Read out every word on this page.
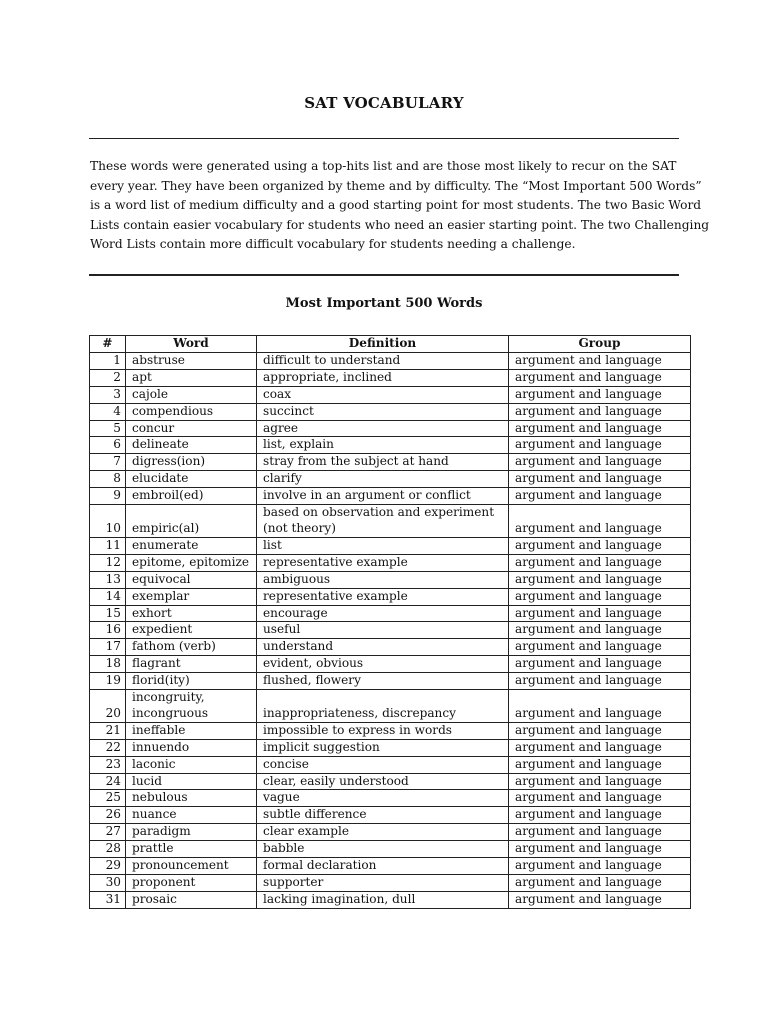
SAT VOCABULARY
These words were generated using a top-hits list and are those most likely to recur on the SAT
every year. They have been organized by theme and by difficulty. The “Most Important 500 Words”
is a word list of medium difficulty and a good starting point for most students. The two Basic Word
Lists contain easier vocabulary for students who need an easier starting point. The two Challenging
Word Lists contain more difficult vocabulary for students needing a challenge.
Most Important 500 Words
#	Word	Definition	Group
1	abstruse	difficult to understand	argument and language
2	apt	appropriate, inclined	argument and language
3	cajole	coax	argument and language
4	compendious	succinct	argument and language
5	concur	agree	argument and language
6	delineate	list, explain	argument and language
7	digress(ion)	stray from the subject at hand	argument and language
8	elucidate	clarify	argument and language
9	embroil(ed)	involve in an argument or conflict	argument and language
10	empiric(al)	based on observation and experiment (not theory)	argument and language
11	enumerate	list	argument and language
12	epitome, epitomize	representative example	argument and language
13	equivocal	ambiguous	argument and language
14	exemplar	representative example	argument and language
15	exhort	encourage	argument and language
16	expedient	useful	argument and language
17	fathom (verb)	understand	argument and language
18	flagrant	evident, obvious	argument and language
19	florid(ity)	flushed, flowery	argument and language
20	incongruity, incongruous	inappropriateness, discrepancy	argument and language
21	ineffable	impossible to express in words	argument and language
22	innuendo	implicit suggestion	argument and language
23	laconic	concise	argument and language
24	lucid	clear, easily understood	argument and language
25	nebulous	vague	argument and language
26	nuance	subtle difference	argument and language
27	paradigm	clear example	argument and language
28	prattle	babble	argument and language
29	pronouncement	formal declaration	argument and language
30	proponent	supporter	argument and language
31	prosaic	lacking imagination, dull	argument and language
